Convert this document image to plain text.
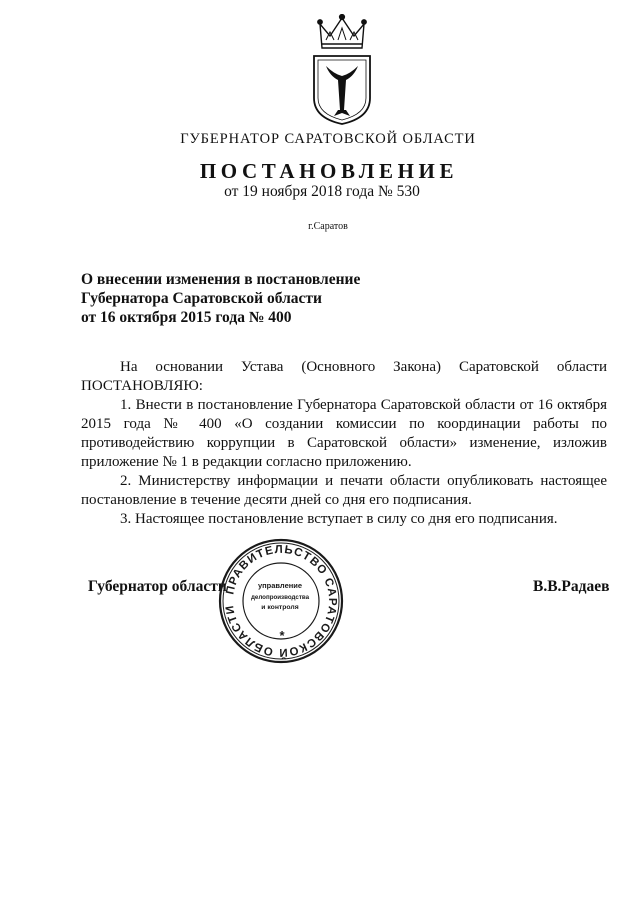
ГУБЕРНАТОР САРАТОВСКОЙ ОБЛАСТИ
ПОСТАНОВЛЕНИЕ
от 19 ноября 2018 года № 530
г.Саратов
О внесении изменения в постановление
Губернатора Саратовской области
от 16 октября 2015 года № 400

На основании Устава (Основного Закона) Саратовской области

ПОСТАНОВЛЯЮ:

1. Внести в постановление Губернатора Саратовской области от 16 октября 2015 года № 400 «О создании комиссии по координации работы по противодействию коррупции в Саратовской области» изменение, изложив приложение № 1 в редакции согласно приложению.

2. Министерству информации и печати области опубликовать настоящее постановление в течение десяти дней со дня его подписания.

3. Настоящее постановление вступает в силу со дня его подписания.

Губернатор области	В.В.Радаев
ПРАВИТЕЛЬСТВО САРАТОВСКОЙ ОБЛАСТИ
управление
делопроизводства
и контроля
*
